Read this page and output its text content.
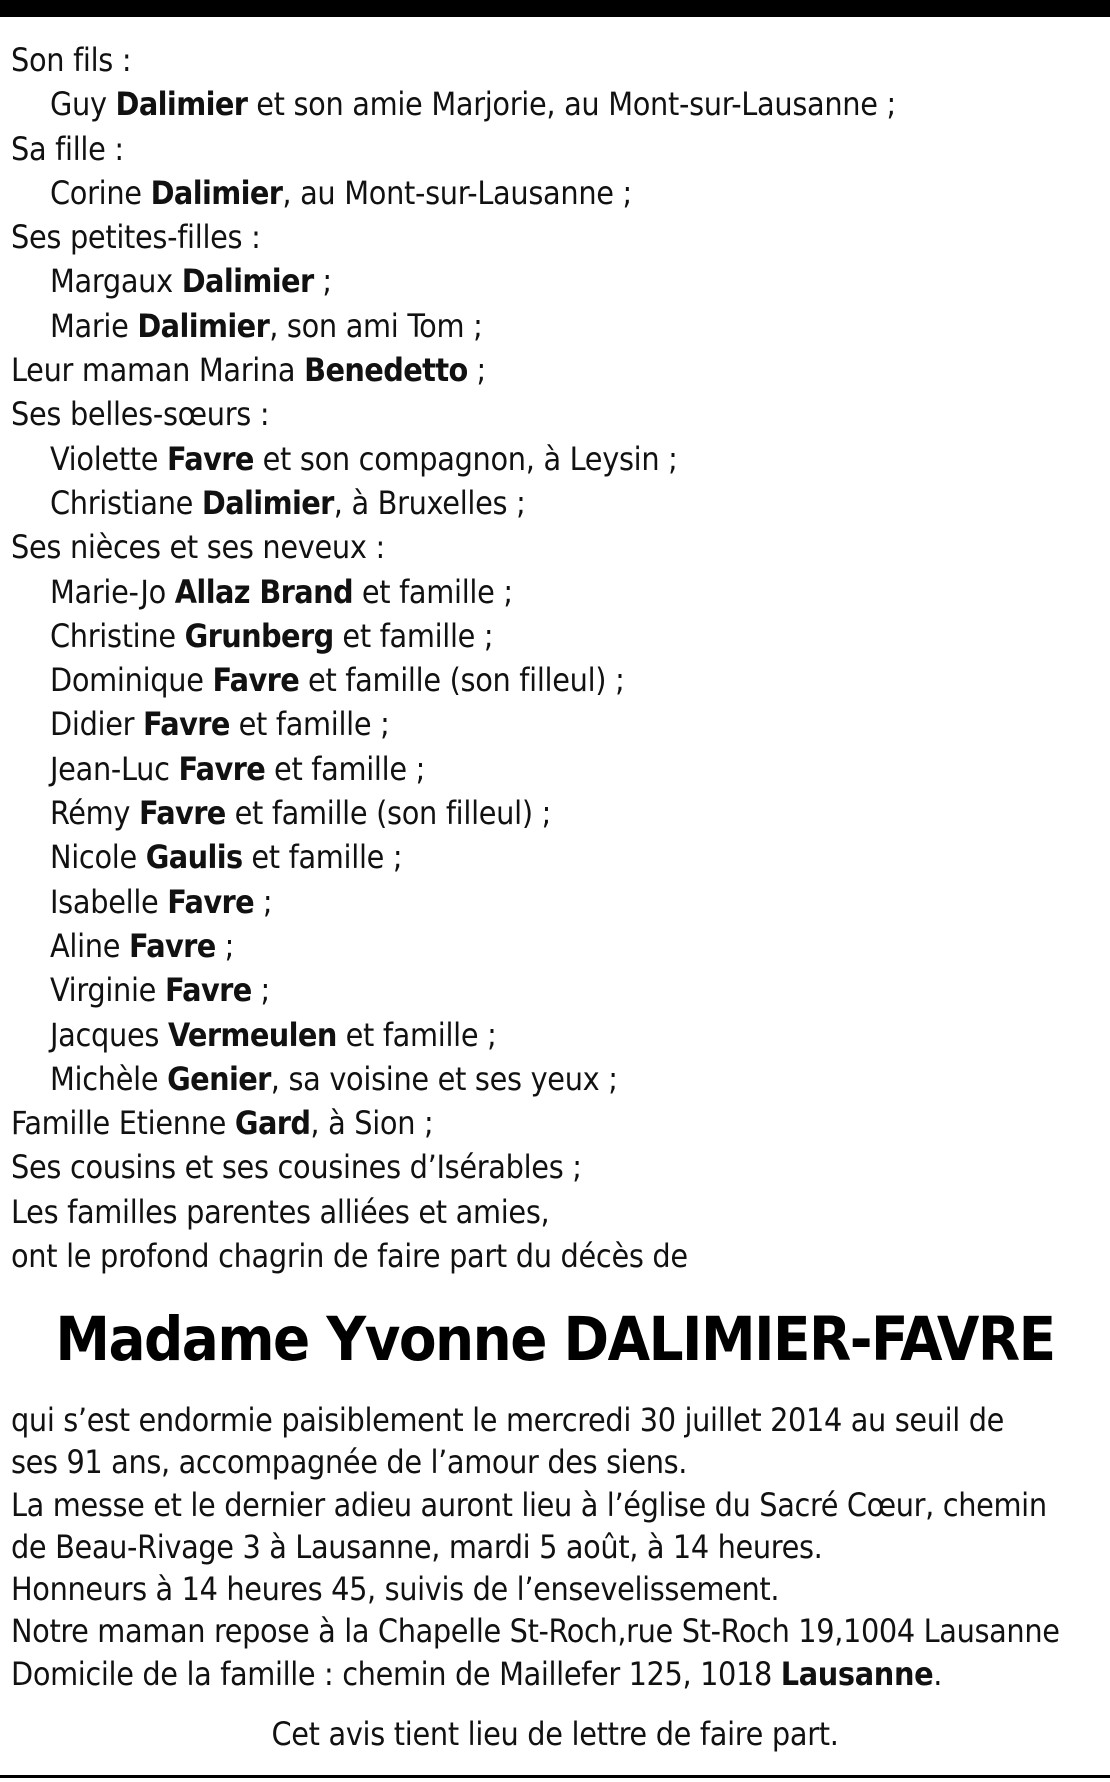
Son fils :
Guy Dalimier et son amie Marjorie, au Mont-sur-Lausanne ;
Sa fille :
Corine Dalimier, au Mont-sur-Lausanne ;
Ses petites-filles :
Margaux Dalimier ;
Marie Dalimier, son ami Tom ;
Leur maman Marina Benedetto ;
Ses belles-sœurs :
Violette Favre et son compagnon, à Leysin ;
Christiane Dalimier, à Bruxelles ;
Ses nièces et ses neveux :
Marie-Jo Allaz Brand et famille ;
Christine Grunberg et famille ;
Dominique Favre et famille (son filleul) ;
Didier Favre et famille ;
Jean-Luc Favre et famille ;
Rémy Favre et famille (son filleul) ;
Nicole Gaulis et famille ;
Isabelle Favre ;
Aline Favre ;
Virginie Favre ;
Jacques Vermeulen et famille ;
Michèle Genier, sa voisine et ses yeux ;
Famille Etienne Gard, à Sion ;
Ses cousins et ses cousines d’Isérables ;
Les familles parentes alliées et amies,
ont le profond chagrin de faire part du décès de
Madame Yvonne DALIMIER-FAVRE
qui s’est endormie paisiblement le mercredi 30 juillet 2014 au seuil de
ses 91 ans, accompagnée de l’amour des siens.
La messe et le dernier adieu auront lieu à l’église du Sacré Cœur, chemin
de Beau-Rivage 3 à Lausanne, mardi 5 août, à 14 heures.
Honneurs à 14 heures 45, suivis de l’ensevelissement.
Notre maman repose à la Chapelle St-Roch,rue St-Roch 19,1004 Lausanne
Domicile de la famille : chemin de Maillefer 125, 1018 Lausanne.
Cet avis tient lieu de lettre de faire part.
